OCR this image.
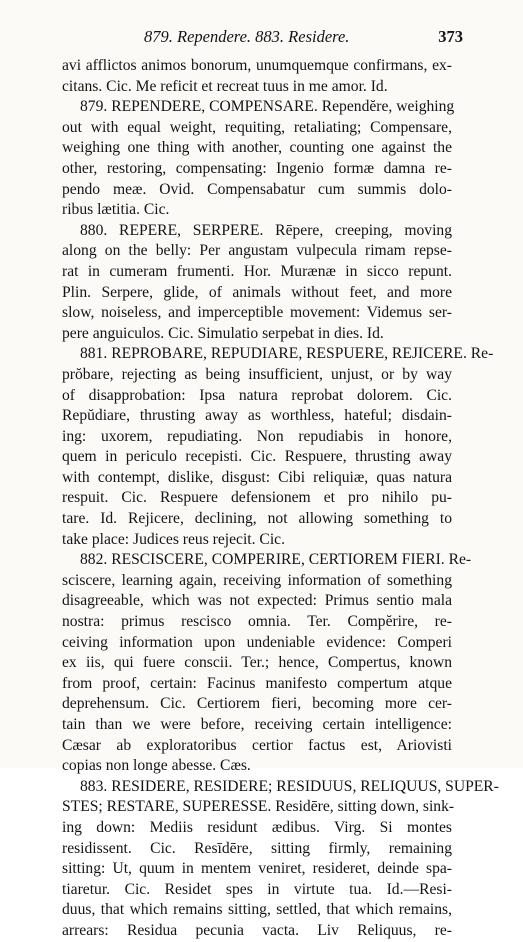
879. Rependere. 883. Residere.	373
avi afflictos animos bonorum, unumquemque confirmans, ex-
citans. Cic. Me reficit et recreat tuus in me amor. Id.
879. REPENDERE, COMPENSARE. Rependĕre, weighing
out with equal weight, requiting, retaliating; Compensare,
weighing one thing with another, counting one against the
other, restoring, compensating: Ingenio formæ damna re-
pendo meæ. Ovid. Compensabatur cum summis dolo-
ribus lætitia. Cic.
880. REPERE, SERPERE. Rēpere, creeping, moving
along on the belly: Per angustam vulpecula rimam repse-
rat in cumeram frumenti. Hor. Murænæ in sicco repunt.
Plin. Serpere, glide, of animals without feet, and more
slow, noiseless, and imperceptible movement: Videmus ser-
pere anguiculos. Cic. Simulatio serpebat in dies. Id.
881. REPROBARE, REPUDIARE, RESPUERE, REJICERE. Re-
prŏbare, rejecting as being insufficient, unjust, or by way
of disapprobation: Ipsa natura reprobat dolorem. Cic.
Repŭdiare, thrusting away as worthless, hateful; disdain-
ing: uxorem, repudiating. Non repudiabis in honore,
quem in periculo recepisti. Cic. Respuere, thrusting away
with contempt, dislike, disgust: Cibi reliquiæ, quas natura
respuit. Cic. Respuere defensionem et pro nihilo pu-
tare. Id. Rejicere, declining, not allowing something to
take place: Judices reus rejecit. Cic.
882. RESCISCERE, COMPERIRE, CERTIOREM FIERI. Re-
sciscere, learning again, receiving information of something
disagreeable, which was not expected: Primus sentio mala
nostra: primus rescisco omnia. Ter. Compĕrire, re-
ceiving information upon undeniable evidence: Comperi
ex iis, qui fuere conscii. Ter.; hence, Compertus, known
from proof, certain: Facinus manifesto compertum atque
deprehensum. Cic. Certiorem fieri, becoming more cer-
tain than we were before, receiving certain intelligence:
Cæsar ab exploratoribus certior factus est, Ariovisti
copias non longe abesse. Cæs.
883. RESIDERE, RESIDERE; RESIDUUS, RELIQUUS, SUPER-
STES; RESTARE, SUPERESSE. Residēre, sitting down, sink-
ing down: Mediis residunt ædibus. Virg. Si montes
residissent. Cic. Resīdēre, sitting firmly, remaining
sitting: Ut, quum in mentem veniret, resideret, deinde spa-
tiaretur. Cic. Residet spes in virtute tua. Id.—Resi-
duus, that which remains sitting, settled, that which remains,
arrears: Residua pecunia vacta. Liv Reliquus, re-
